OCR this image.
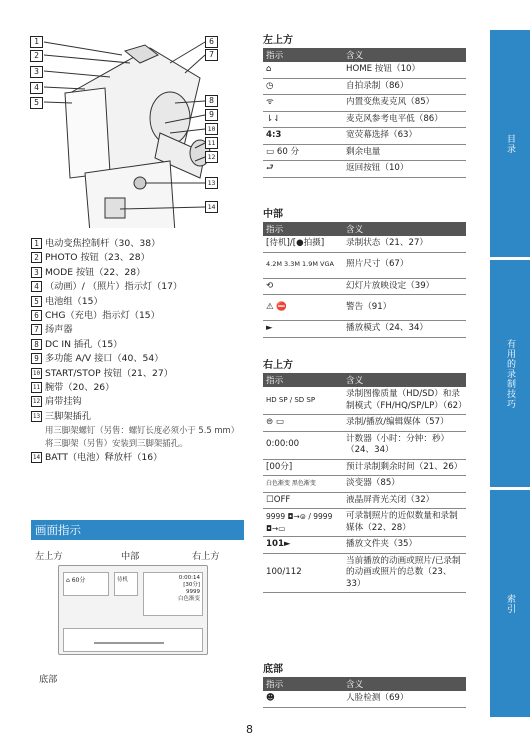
目录
有用的录制技巧
索引
1
2
3
4
5
6
7
8
9
10
11
12
13
14
1 电动变焦控制杆（30、38）
2 PHOTO 按钮（23、28）
3 MODE 按钮（22、28）
4 （动画）/ （照片）指示灯（17）
5 电池组（15）
6 CHG（充电）指示灯（15）
7 扬声器
8 DC IN 插孔（15）
9 多功能 A/V 接口（40、54）
10 START/STOP 按钮（21、27）
11 腕带（20、26）
12 肩带挂钩
13 三脚架插孔
用三脚架螺钉（另售：螺钉长度必须小于 5.5 mm）将三脚架（另售）安装到三脚架插孔。
14 BATT（电池）释放杆（16）
画面指示
左上方	中部	右上方
底部
⌂ 60分	待机	0:00:14
[30分]
9999
白色渐变
左上方
指示	含义
⌂	HOME 按钮（10）
◷	自拍录制（86）
ᯤ	内置变焦麦克风（85）
⇂⇃	麦克风参考电平低（86）
4:3	宽荧幕选择（63）
▭ 60 分	剩余电量
⮐	返回按钮（10）
中部
指示	含义
[待机]/[●拍摄]	录制状态（21、27）
4.2M 3.3M 1.9M VGA	照片尺寸（67）
⟲	幻灯片放映设定（39）
⚠ ⛔	警告（91）
►	播放模式（24、34）
右上方
指示	含义
HD SP / SD SP	录制图像质量（HD/SD）和录制模式（FH/HQ/SP/LP）（62）
⊜ ▭	录制/播放/编辑媒体（57）
0:00:00	计数器（小时：分钟：秒）（24、34）
[00分]	预计录制剩余时间（21、26）
白色渐变 黑色渐变	淡变器（85）
☐OFF	液晶屏背光关闭（32）
9999 ◘→⊜ / 9999 ◘→▭	可录制照片的近似数量和录制媒体（22、28）
101►	播放文件夹（35）
100/112	当前播放的动画或照片/已录制的动画或照片的总数（23、33）
底部
指示	含义
☻	人脸检测（69）
8
